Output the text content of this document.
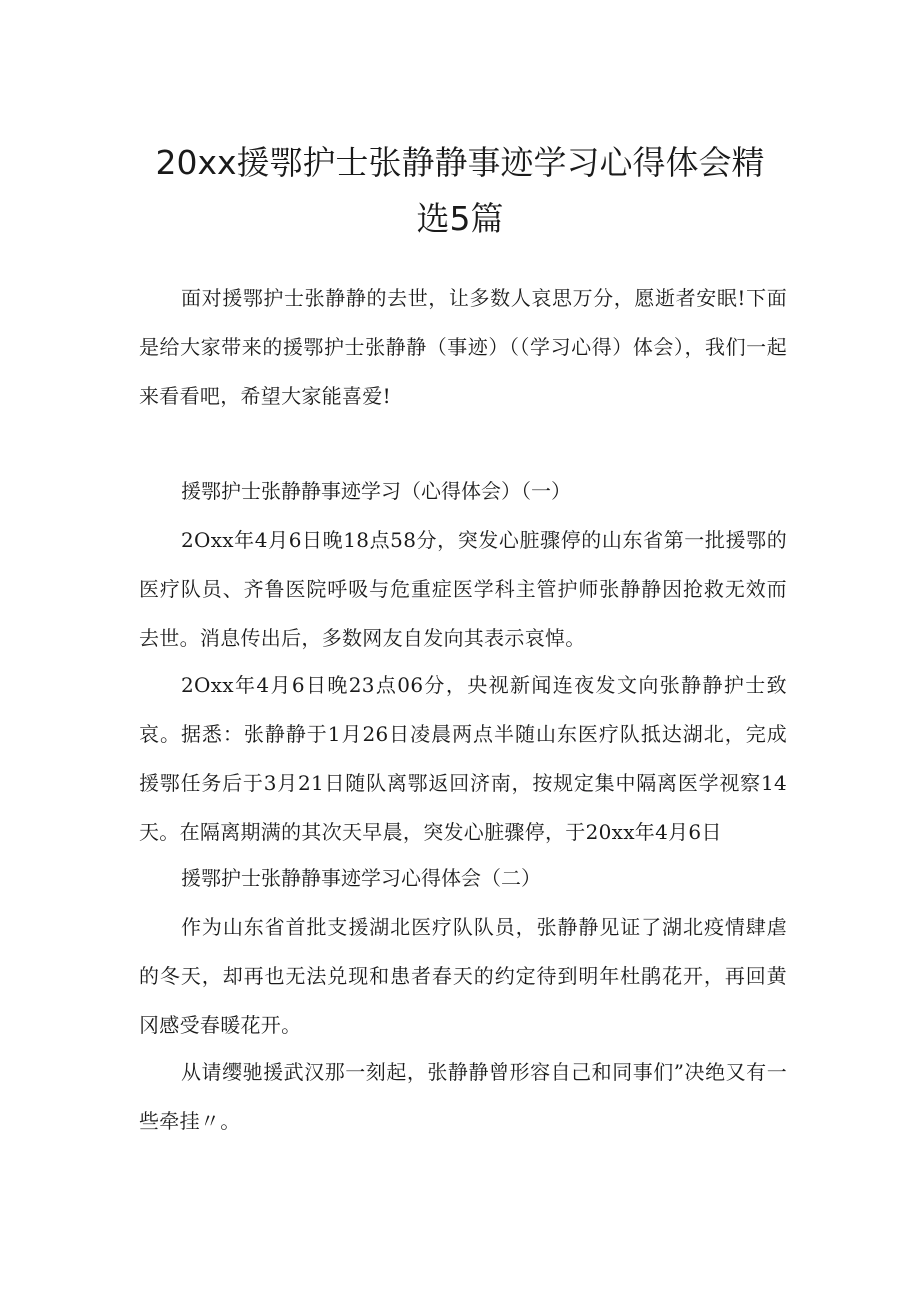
20xx援鄂护士张静静事迹学习心得体会精
选5篇

面对援鄂护士张静静的去世，让多数人哀思万分，愿逝者安眠!下面是给大家带来的援鄂护士张静静（事迹）（（学习心得）体会），我们一起来看看吧，希望大家能喜爱!

援鄂护士张静静事迹学习（心得体会）（一）

2Oxx年4月6日晚18点58分，突发心脏骤停的山东省第一批援鄂的医疗队员、齐鲁医院呼吸与危重症医学科主管护师张静静因抢救无效而去世。消息传出后，多数网友自发向其表示哀悼。

2Oxx年4月6日晚23点06分，央视新闻连夜发文向张静静护士致哀。据悉：张静静于1月26日凌晨两点半随山东医疗队抵达湖北，完成援鄂任务后于3月21日随队离鄂返回济南，按规定集中隔离医学视察14天。在隔离期满的其次天早晨，突发心脏骤停，于20xx年4月6日

援鄂护士张静静事迹学习心得体会（二）

作为山东省首批支援湖北医疗队队员，张静静见证了湖北疫情肆虐的冬天，却再也无法兑现和患者春天的约定待到明年杜鹃花开，再回黄冈感受春暖花开。

从请缨驰援武汉那一刻起，张静静曾形容自己和同事们”决绝又有一些牵挂〃。
